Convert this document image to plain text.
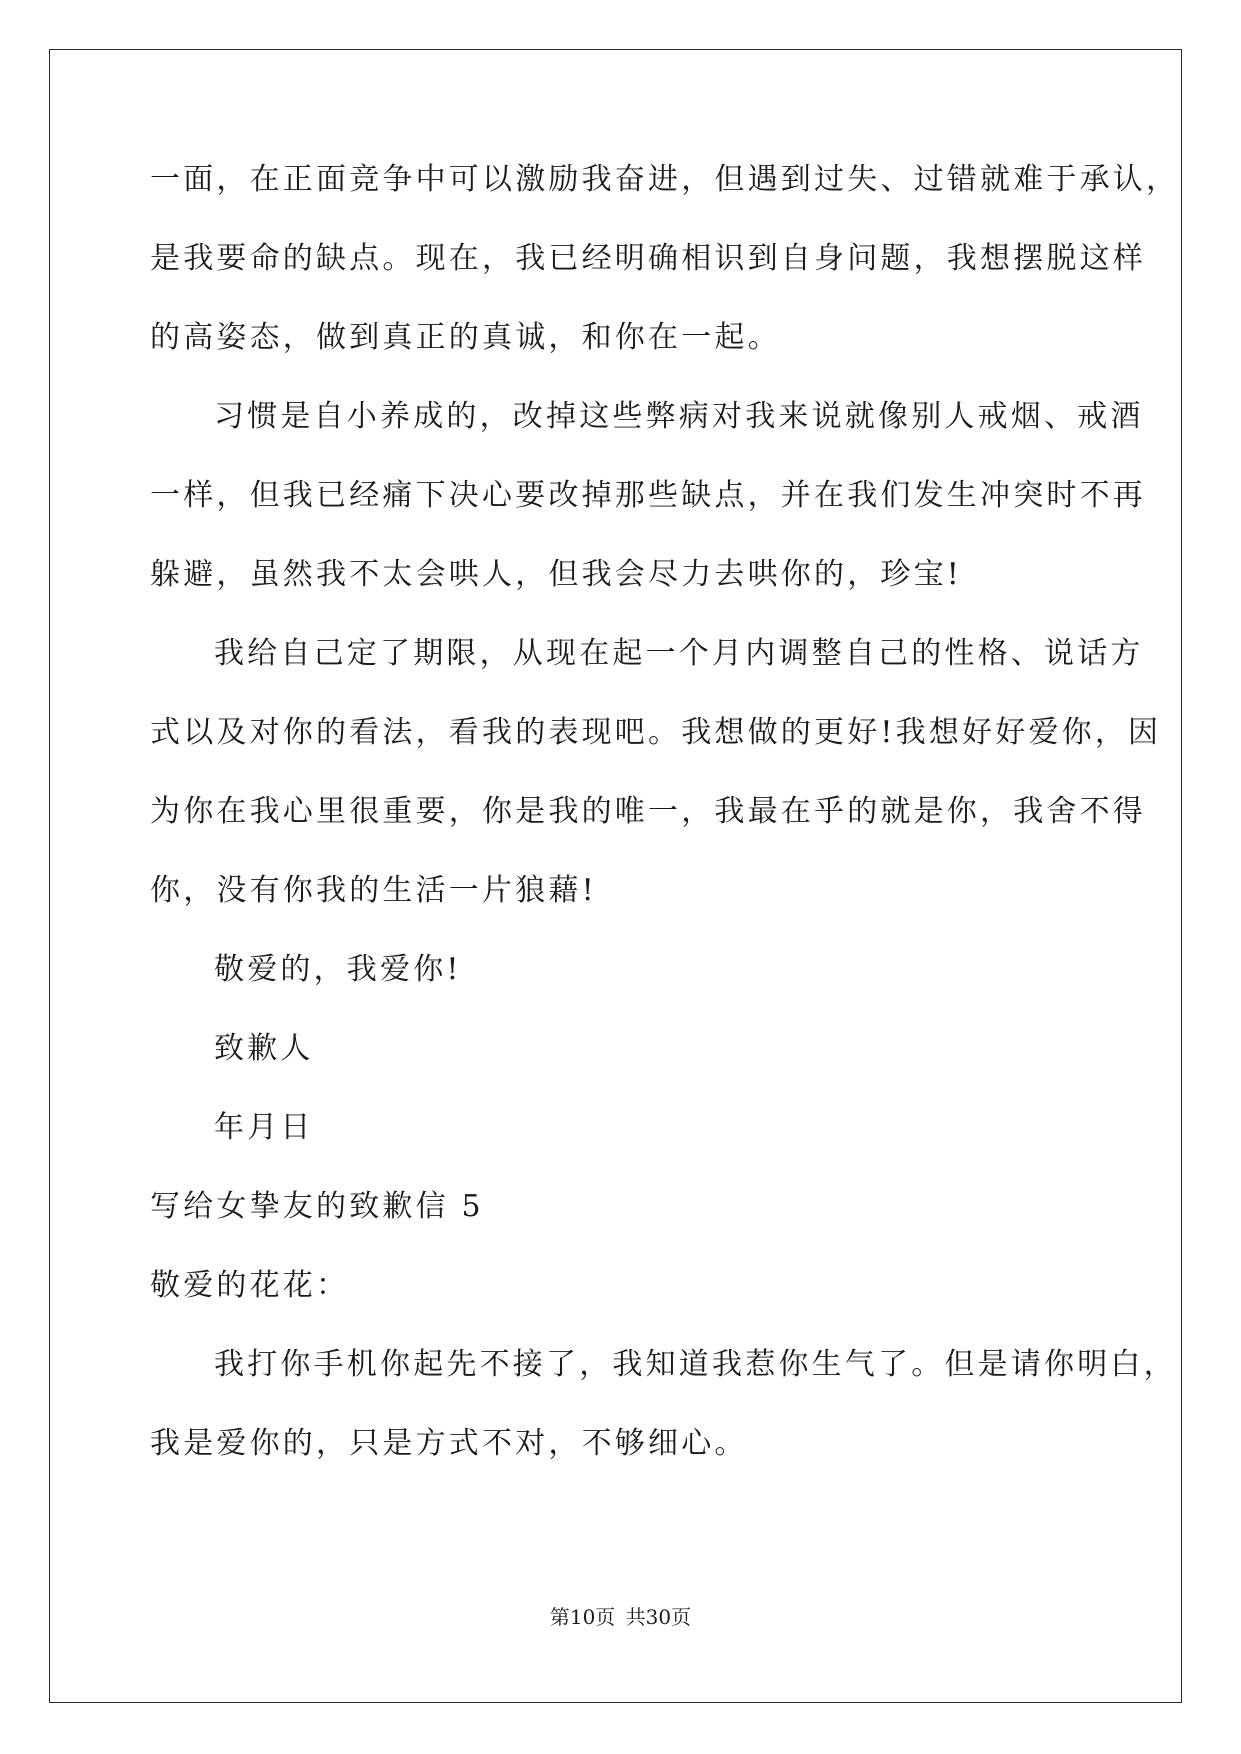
一面，在正面竞争中可以激励我奋进，但遇到过失、过错就难于承认，
是我要命的缺点。现在，我已经明确相识到自身问题，我想摆脱这样
的高姿态，做到真正的真诚，和你在一起。
习惯是自小养成的，改掉这些弊病对我来说就像别人戒烟、戒酒
一样，但我已经痛下决心要改掉那些缺点，并在我们发生冲突时不再
躲避，虽然我不太会哄人，但我会尽力去哄你的，珍宝!
我给自己定了期限，从现在起一个月内调整自己的性格、说话方
式以及对你的看法，看我的表现吧。我想做的更好!我想好好爱你，因
为你在我心里很重要，你是我的唯一，我最在乎的就是你，我舍不得
你，没有你我的生活一片狼藉!
敬爱的，我爱你!
致歉人
年月日
写给女挚友的致歉信 5
敬爱的花花：
我打你手机你起先不接了，我知道我惹你生气了。但是请你明白，
我是爱你的，只是方式不对，不够细心。
第10页 共30页
